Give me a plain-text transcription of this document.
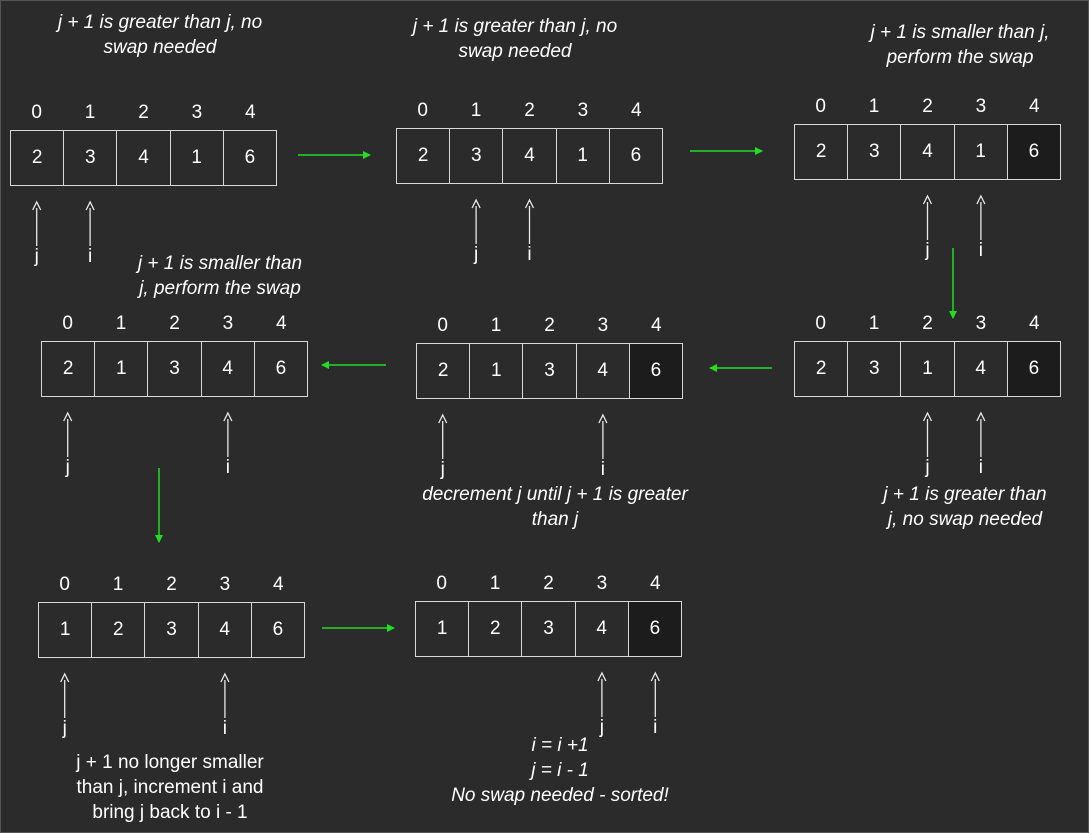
j + 1 is greater than j, no
swap needed
j + 1 is greater than j, no
swap needed
j + 1 is smaller than j,
perform the swap
j + 1 is greater than
j, no swap needed
decrement j until j + 1 is greater
than j
j + 1 is smaller than
j, perform the swap
j + 1 no longer smaller
than j, increment i and
bring j back to i - 1
i = i +1
j = i - 1
No swap needed - sorted!
0	1	2	3	4
2	3	4	1	6
j	i
0	1	2	3	4
2	3	4	1	6
j	i
0	1	2	3	4
2	3	4	1	6
j	i
0	1	2	3	4
2	3	1	4	6
j	i
0	1	2	3	4
2	1	3	4	6
j	i
0	1	2	3	4
2	1	3	4	6
j	i
0	1	2	3	4
1	2	3	4	6
j	i
0	1	2	3	4
1	2	3	4	6
j	i
